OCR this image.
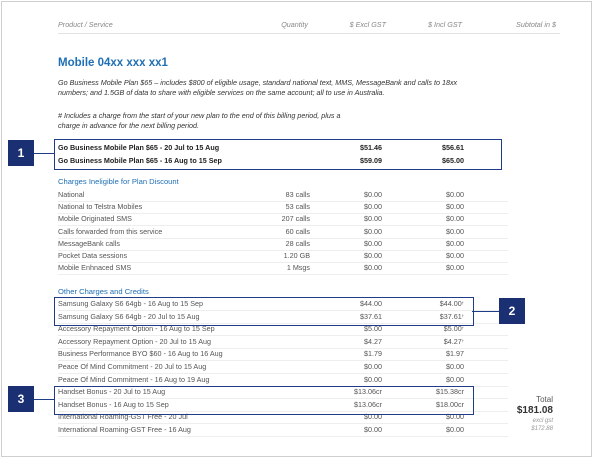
Product / Service	Quantity	$ Excl GST	$ Incl GST	Subtotal in $
Mobile 04xx xxx xx1
Go Business Mobile Plan $65 – includes $800 of eligible usage, standard national text, MMS, MessageBank and calls to 18xx numbers; and 1.5GB of data to share with eligible services on the same account; all to use in Australia.
# Includes a charge from the start of your new plan to the end of this billing period, plus a charge in advance for the next billing period.
Go Business Mobile Plan $65 - 20 Jul to 15 Aug	$51.46	$56.61
Go Business Mobile Plan $65 - 16 Aug to 15 Sep	$59.09	$65.00
Charges Ineligible for Plan Discount
National	83 calls	$0.00	$0.00
National to Telstra Mobiles	53 calls	$0.00	$0.00
Mobile Originated SMS	207 calls	$0.00	$0.00
Calls forwarded from this service	60 calls	$0.00	$0.00
MessageBank calls	28 calls	$0.00	$0.00
Pocket Data sessions	1.20 GB	$0.00	$0.00
Mobile Enhnaced SMS	1 Msgs	$0.00	$0.00
Other Charges and Credits
Samsung Galaxy S6 64gb - 16 Aug to 15 Sep	$44.00	$44.00†
Samsung Galaxy S6 64gb - 20 Jul to 15 Aug	$37.61	$37.61†
Accessory Repayment Option - 16 Aug to 15 Sep	$5.00	$5.00†
Accessory Repayment Option - 20 Jul to 15 Aug	$4.27	$4.27†
Business Performance BYO $60 - 16 Aug to 16 Aug	$1.79	$1.97
Peace Of Mind Commitment - 20 Jul to 15 Aug	$0.00	$0.00
Peace Of Mind Commitment - 16 Aug to 19 Aug	$0.00	$0.00
Handset Bonus - 20 Jul to 15 Aug	$13.06cr	$15.38cr
Handset Bonus - 16 Aug to 15 Sep	$13.06cr	$18.00cr
International Roaming-GST Free - 20 Jul	$0.00	$0.00
International Roaming-GST Free - 16 Aug	$0.00	$0.00
Total
$181.08
excl gst
$172.88
1
2
3
